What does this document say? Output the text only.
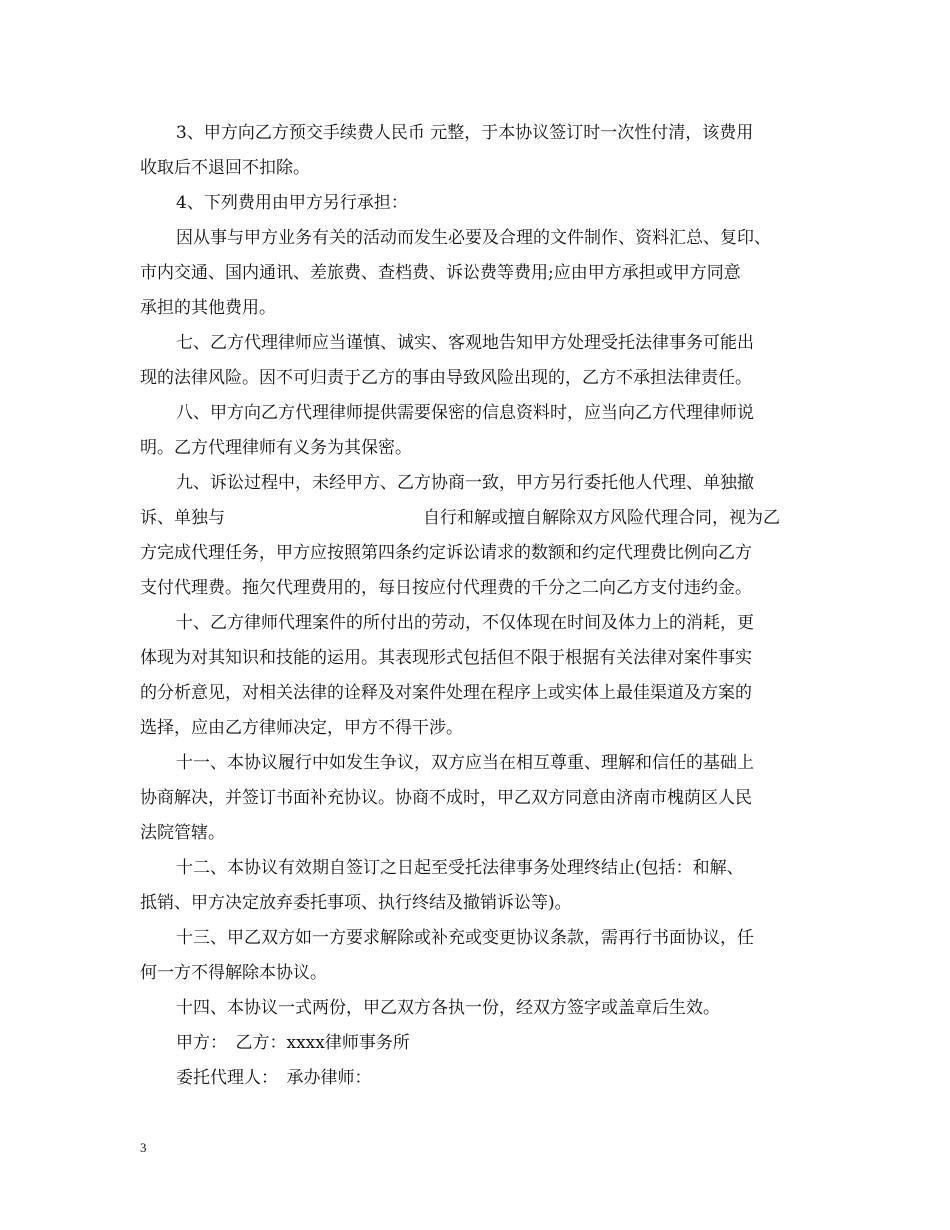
3、甲方向乙方预交手续费人民币 元整，于本协议签订时一次性付清，该费用
收取后不退回不扣除。
4、下列费用由甲方另行承担：
因从事与甲方业务有关的活动而发生必要及合理的文件制作、资料汇总、复印、
市内交通、国内通讯、差旅费、查档费、诉讼费等费用;应由甲方承担或甲方同意
承担的其他费用。
七、乙方代理律师应当谨慎、诚实、客观地告知甲方处理受托法律事务可能出
现的法律风险。因不可归责于乙方的事由导致风险出现的，乙方不承担法律责任。
八、甲方向乙方代理律师提供需要保密的信息资料时，应当向乙方代理律师说
明。乙方代理律师有义务为其保密。
九、诉讼过程中，未经甲方、乙方协商一致，甲方另行委托他人代理、单独撤
诉、单独与	自行和解或擅自解除双方风险代理合同，视为乙
方完成代理任务，甲方应按照第四条约定诉讼请求的数额和约定代理费比例向乙方
支付代理费。拖欠代理费用的，每日按应付代理费的千分之二向乙方支付违约金。
十、乙方律师代理案件的所付出的劳动，不仅体现在时间及体力上的消耗，更
体现为对其知识和技能的运用。其表现形式包括但不限于根据有关法律对案件事实
的分析意见，对相关法律的诠释及对案件处理在程序上或实体上最佳渠道及方案的
选择，应由乙方律师决定，甲方不得干涉。
十一、本协议履行中如发生争议，双方应当在相互尊重、理解和信任的基础上
协商解决，并签订书面补充协议。协商不成时，甲乙双方同意由济南市槐荫区人民
法院管辖。
十二、本协议有效期自签订之日起至受托法律事务处理终结止(包括：和解、
抵销、甲方决定放弃委托事项、执行终结及撤销诉讼等)。
十三、甲乙双方如一方要求解除或补充或变更协议条款，需再行书面协议，任
何一方不得解除本协议。
十四、本协议一式两份，甲乙双方各执一份，经双方签字或盖章后生效。
甲方：　乙方：xxxx律师事务所
委托代理人：　承办律师：
3
